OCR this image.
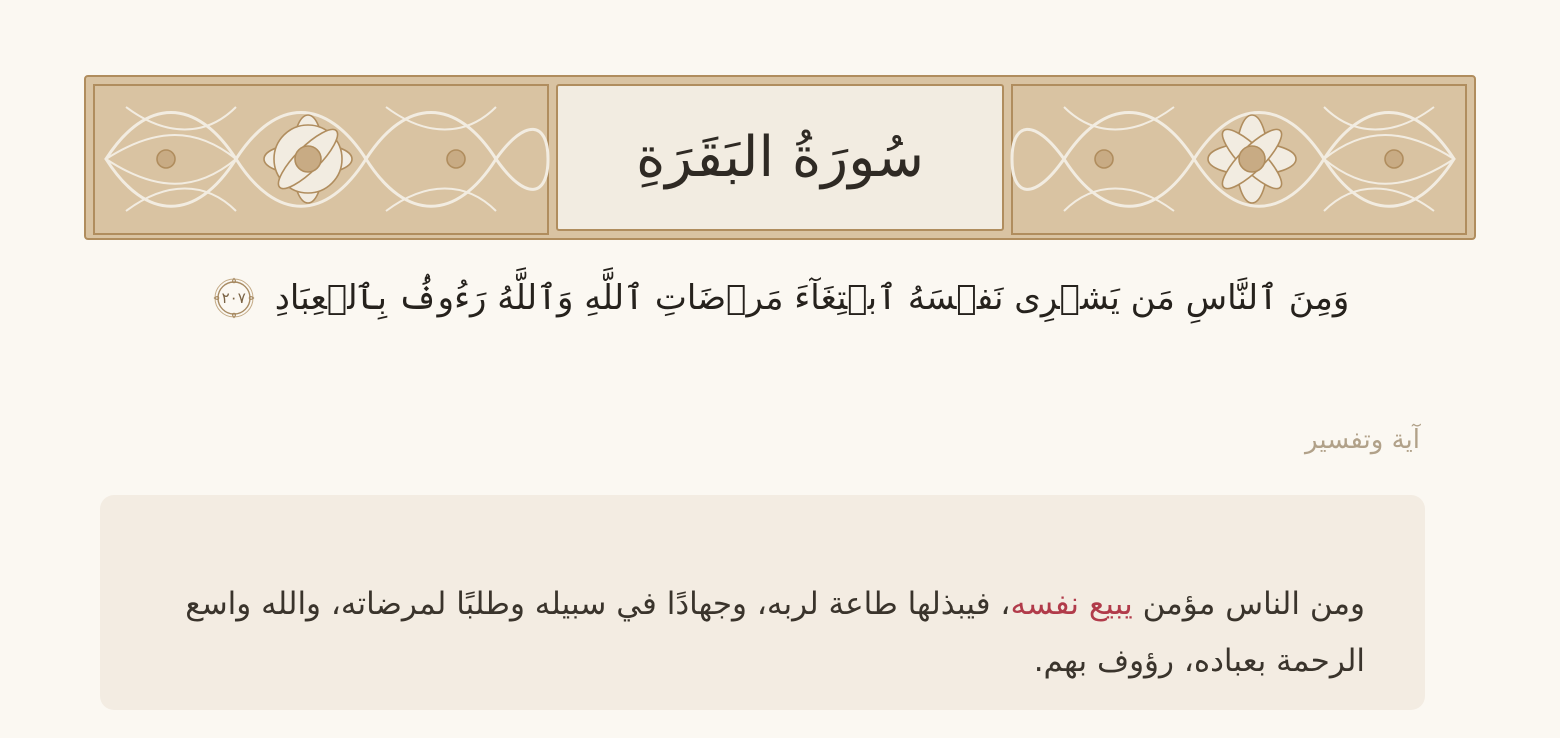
سُورَةُ البَقَرَةِ
وَمِنَ ٱلنَّاسِ مَن يَشۡرِى نَفۡسَهُ ٱبۡتِغَآءَ مَرۡضَاتِ ٱللَّهِ وَٱللَّهُ رَءُوفُۢ بِٱلۡعِبَادِ
٢٠٧
آية وتفسير

ومن الناس مؤمن يبيع نفسه، فيبذلها طاعة لربه، وجهادًا في سبيله وطلبًا لمرضاته، والله واسع الرحمة بعباده، رؤوف بهم.
